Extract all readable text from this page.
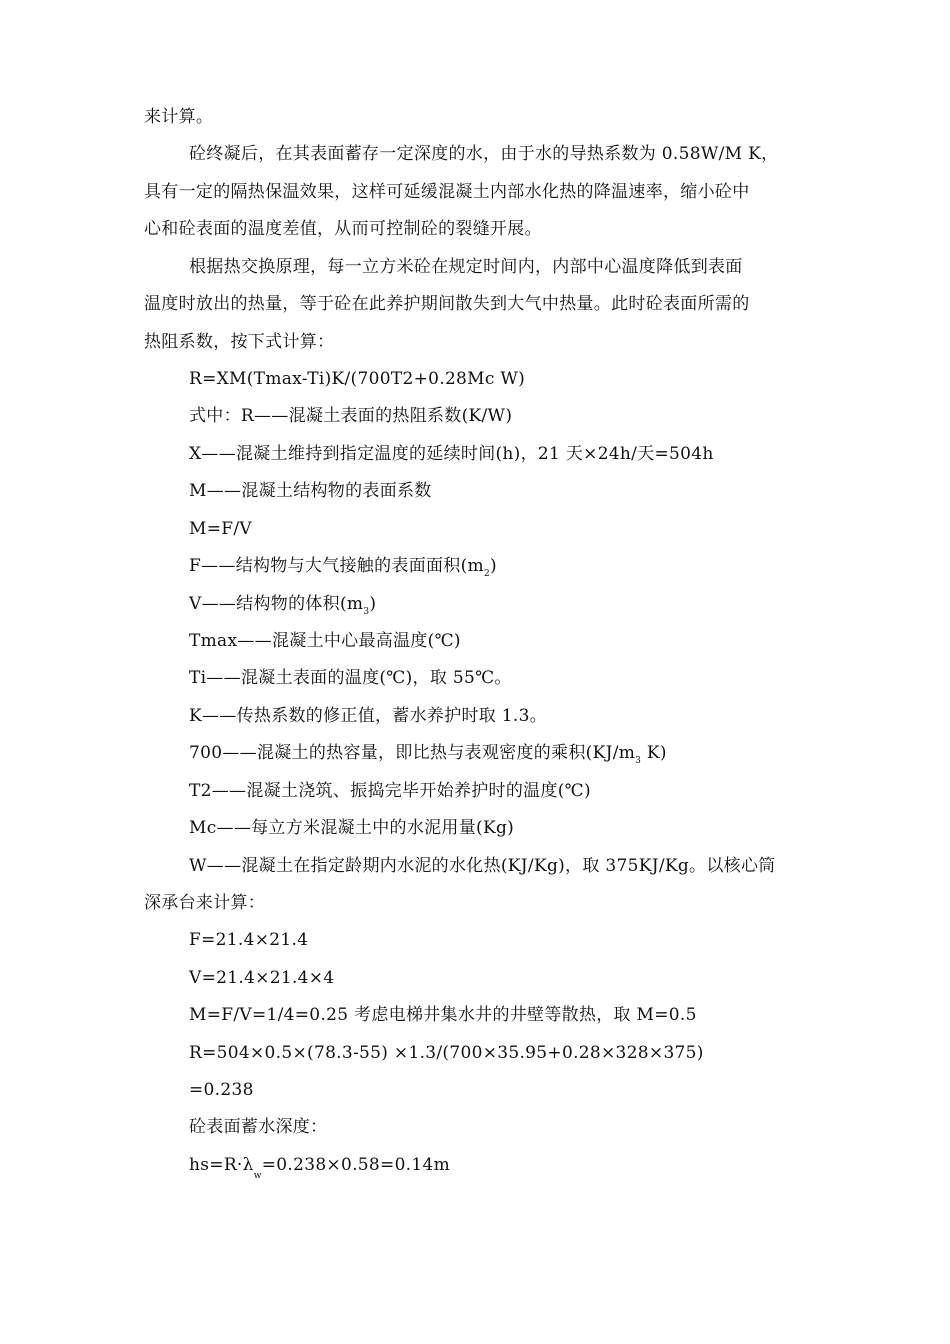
来计算。
砼终凝后，在其表面蓄存一定深度的水，由于水的导热系数为 0.58W/M K，
具有一定的隔热保温效果，这样可延缓混凝土内部水化热的降温速率，缩小砼中
心和砼表面的温度差值，从而可控制砼的裂缝开展。
根据热交换原理，每一立方米砼在规定时间内，内部中心温度降低到表面
温度时放出的热量，等于砼在此养护期间散失到大气中热量。此时砼表面所需的
热阻系数，按下式计算：
R=XM(Tmax-Ti)K/(700T2+0.28Mc W)
式中：R——混凝土表面的热阻系数(K/W)
X——混凝土维持到指定温度的延续时间(h)，21 天×24h/天=504h
M——混凝土结构物的表面系数
M=F/V
F——结构物与大气接触的表面面积$(m_2)$
V——结构物的体积$(m_3)$
Tmax——混凝土中心最高温度(℃)
Ti——混凝土表面的温度(℃)，取 55℃。
K——传热系数的修正值，蓄水养护时取 1.3。
700——混凝土的热容量，即比热与表观密度的乘积($KJ/m_3$ K)
T2——混凝土浇筑、振捣完毕开始养护时的温度(℃)
Mc——每立方米混凝土中的水泥用量(Kg)
W——混凝土在指定龄期内水泥的水化热(KJ/Kg)，取 375KJ/Kg。以核心筒
深承台来计算：
F=21.4×21.4
V=21.4×21.4×4
M=F/V=1/4=0.25 考虑电梯井集水井的井壁等散热，取 M=0.5
R=504×0.5×(78.3-55) ×1.3/(700×35.95+0.28×328×375)
=0.238
砼表面蓄水深度：
$hs=R\cdot\lambda_w=0.238\times 0.58=0.14m$
